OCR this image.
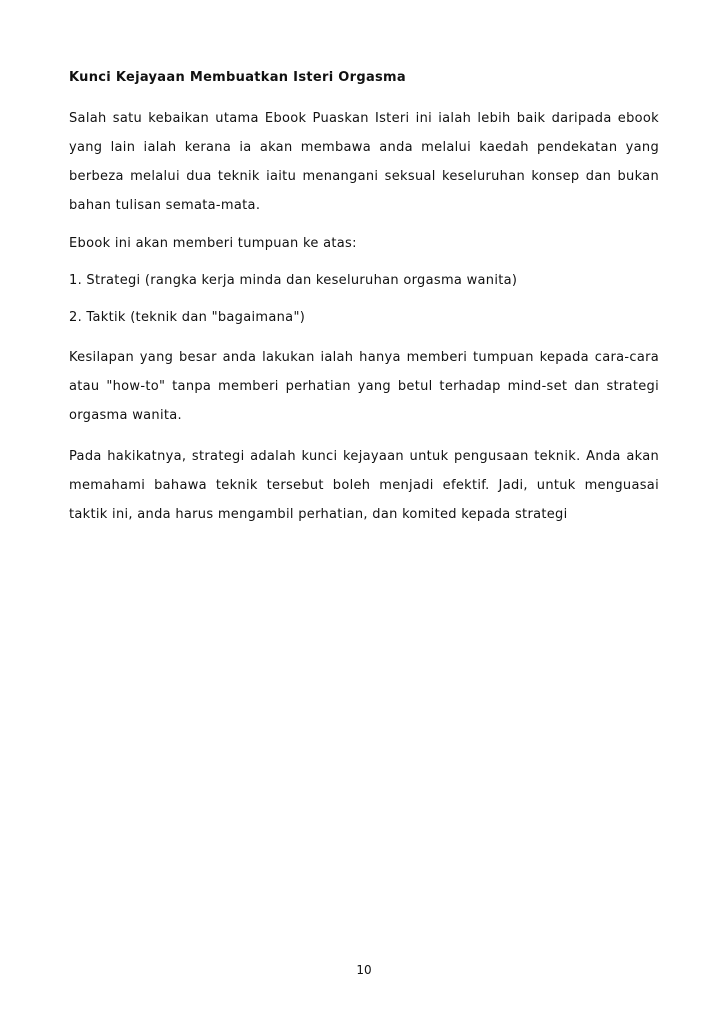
Kunci Kejayaan Membuatkan Isteri Orgasma

Salah satu kebaikan utama Ebook Puaskan Isteri ini ialah lebih baik daripada ebook yang lain ialah kerana ia akan membawa anda melalui kaedah pendekatan yang berbeza melalui dua teknik iaitu menangani seksual keseluruhan konsep dan bukan bahan tulisan semata-mata.

Ebook ini akan memberi tumpuan ke atas:

1. Strategi (rangka kerja minda dan keseluruhan orgasma wanita)

2. Taktik (teknik dan "bagaimana")

Kesilapan yang besar anda lakukan ialah hanya memberi tumpuan kepada cara-cara atau "how-to" tanpa memberi perhatian yang betul terhadap mind-set dan strategi orgasma wanita.

Pada hakikatnya, strategi adalah kunci kejayaan untuk pengusaan teknik. Anda akan memahami bahawa teknik tersebut boleh menjadi efektif. Jadi, untuk menguasai taktik ini, anda harus mengambil perhatian, dan komited kepada strategi

10
